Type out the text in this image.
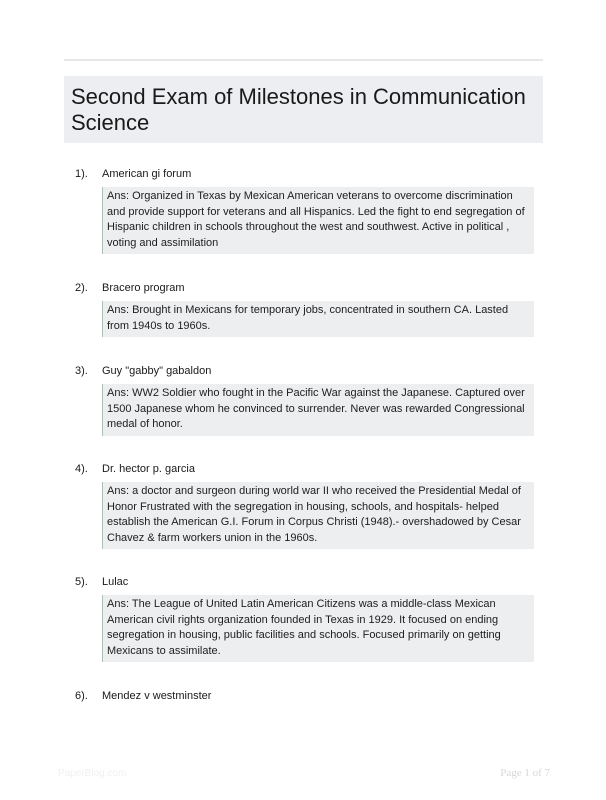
Second Exam of Milestones in Communication Science
1). American gi forum

Ans: Organized in Texas by Mexican American veterans to overcome discrimination and provide support for veterans and all Hispanics. Led the fight to end segregation of Hispanic children in schools throughout the west and southwest. Active in political , voting and assimilation

2). Bracero program

Ans: Brought in Mexicans for temporary jobs, concentrated in southern CA. Lasted from 1940s to 1960s.

3). Guy "gabby" gabaldon

Ans: WW2 Soldier who fought in the Pacific War against the Japanese. Captured over 1500 Japanese whom he convinced to surrender. Never was rewarded Congressional medal of honor.

4). Dr. hector p. garcia

Ans: a doctor and surgeon during world war II who received the Presidential Medal of Honor Frustrated with the segregation in housing, schools, and hospitals- helped establish the American G.I. Forum in Corpus Christi (1948).- overshadowed by Cesar Chavez & farm workers union in the 1960s.

5). Lulac

Ans: The League of United Latin American Citizens was a middle-class Mexican American civil rights organization founded in Texas in 1929. It focused on ending segregation in housing, public facilities and schools. Focused primarily on getting Mexicans to assimilate.

6). Mendez v westminster
PaperBlog.com	Page 1 of 7
